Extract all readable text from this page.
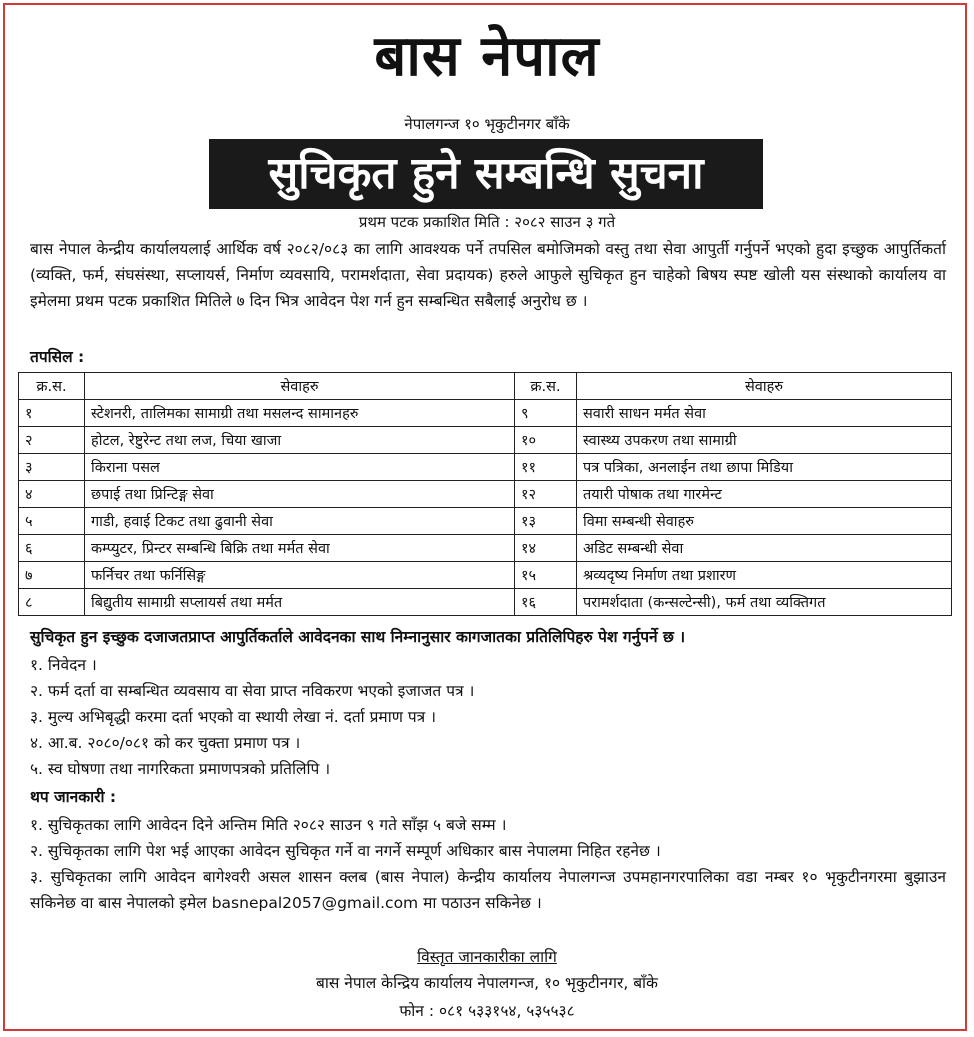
बास नेपाल
नेपालगन्ज १० भृकुटीनगर बाँके
सुचिकृत हुने सम्बन्धि सुचना
प्रथम पटक प्रकाशित मिति : २०८२ साउन ३ गते
बास नेपाल केन्द्रीय कार्यालयलाई आर्थिक वर्ष २०८२/०८३ का लागि आवश्यक पर्ने तपसिल बमोजिमको वस्तु तथा सेवा आपुर्ती गर्नुपर्ने भएको हुदा इच्छुक आपुर्तिकर्ता (व्यक्ति, फर्म, संघसंस्था, सप्लायर्स, निर्माण व्यवसायि, परामर्शदाता, सेवा प्रदायक) हरुले आफुले सुचिकृत हुन चाहेको बिषय स्पष्ट खोली यस संस्थाको कार्यालय वा इमेलमा प्रथम पटक प्रकाशित मितिले ७ दिन भित्र आवेदन पेश गर्न हुन सम्बन्धित सबैलाई अनुरोध छ ।
तपसिल :
क्र.स.	सेवाहरु	क्र.स.	सेवाहरु
१	स्टेशनरी, तालिमका सामाग्री तथा मसलन्द सामानहरु	९	सवारी साधन मर्मत सेवा
२	होटल, रेष्टुरेन्ट तथा लज, चिया खाजा	१०	स्वास्थ्य उपकरण तथा सामाग्री
३	किराना पसल	११	पत्र पत्रिका, अनलाईन तथा छापा मिडिया
४	छपाई तथा प्रिन्टिङ्ग सेवा	१२	तयारी पोषाक तथा गारमेन्ट
५	गाडी, हवाई टिकट तथा ढुवानी सेवा	१३	विमा सम्बन्धी सेवाहरु
६	कम्प्युटर, प्रिन्टर सम्बन्धि बिक्रि तथा मर्मत सेवा	१४	अडिट सम्बन्धी सेवा
७	फर्निचर तथा फर्निसिङ्ग	१५	श्रव्यदृष्य निर्माण तथा प्रशारण
८	बिद्युतीय सामाग्री सप्लायर्स तथा मर्मत	१६	परामर्शदाता (कन्सल्टेन्सी), फर्म तथा व्यक्तिगत
सुचिकृत हुन इच्छुक दजाजतप्राप्त आपुर्तिकर्ताले आवेदनका साथ निम्नानुसार कागजातका प्रतिलिपिहरु पेश गर्नुपर्ने छ ।
१. निवेदन ।
२. फर्म दर्ता वा सम्बन्धित व्यवसाय वा सेवा प्राप्त नविकरण भएको इजाजत पत्र ।
३. मुल्य अभिबृद्धी करमा दर्ता भएको वा स्थायी लेखा नं. दर्ता प्रमाण पत्र ।
४. आ.ब. २०८०/०८१ को कर चुक्ता प्रमाण पत्र ।
५. स्व घोषणा तथा नागरिकता प्रमाणपत्रको प्रतिलिपि ।
थप जानकारी :
१. सुचिकृतका लागि आवेदन दिने अन्तिम मिति २०८२ साउन ९ गते साँझ ५ बजे सम्म ।
२. सुचिकृतका लागि पेश भई आएका आवेदन सुचिकृत गर्ने वा नगर्ने सम्पूर्ण अधिकार बास नेपालमा निहित रहनेछ ।
३. सुचिकृतका लागि आवेदन बागेश्वरी असल शासन क्लब (बास नेपाल) केन्द्रीय कार्यालय नेपालगन्ज उपमहानगरपालिका वडा नम्बर १० भृकुटीनगरमा बुझाउन सकिनेछ वा बास नेपालको इमेल basnepal2057@gmail.com मा पठाउन सकिनेछ ।
विस्तृत जानकारीका लागि
बास नेपाल केन्द्रिय कार्यालय नेपालगन्ज, १० भृकुटीनगर, बाँके
फोन : ०८१ ५३३१५४, ५३५५३८
